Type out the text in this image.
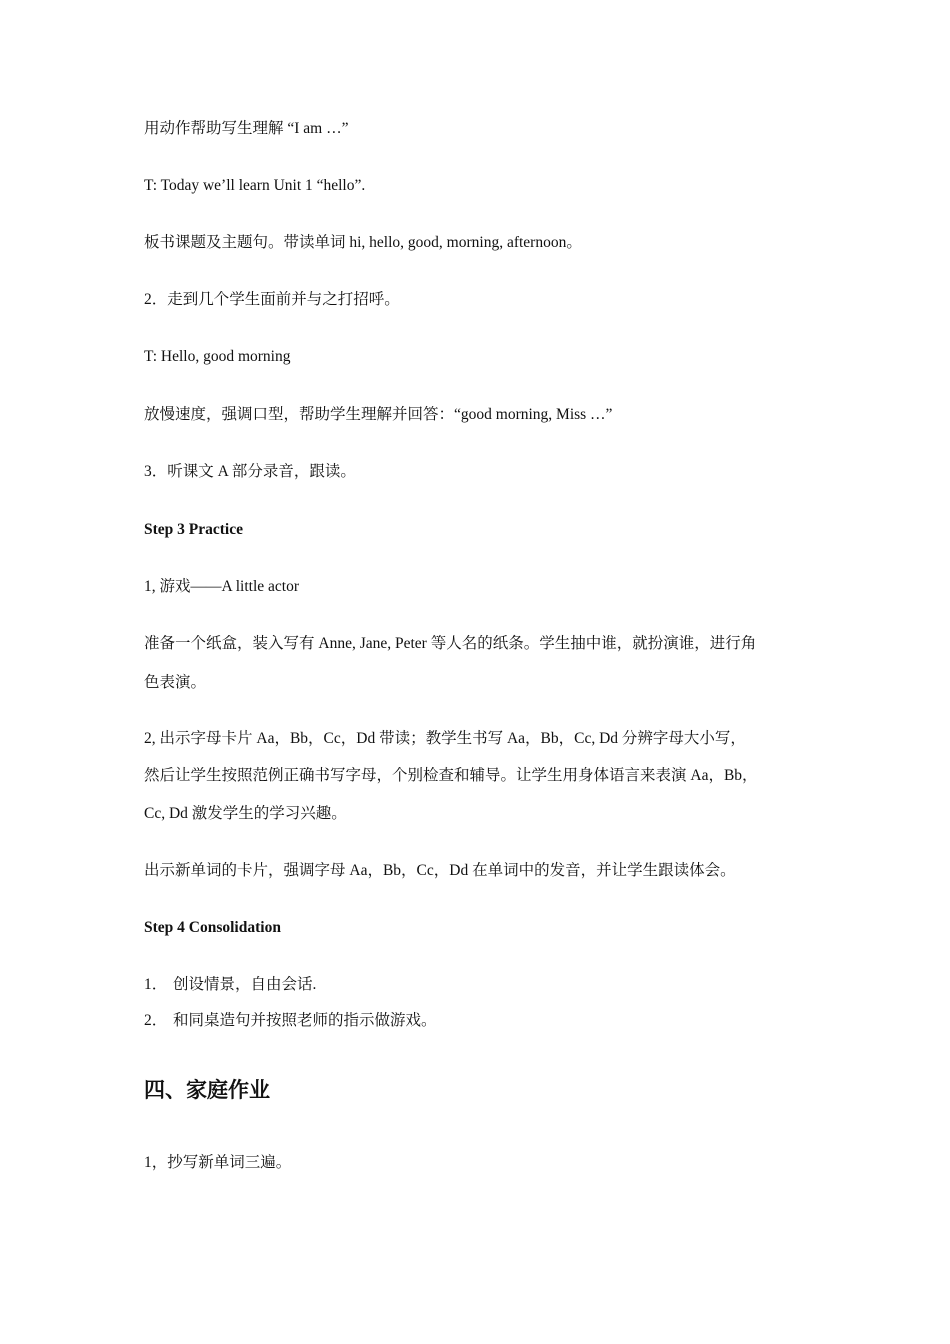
用动作帮助写生理解 “I am …”
T: Today we’ll learn Unit 1 “hello”.
板书课题及主题句。带读单词 hi, hello, good, morning, afternoon。
2．走到几个学生面前并与之打招呼。
T: Hello, good morning
放慢速度，强调口型，帮助学生理解并回答：“good morning, Miss …”
3．听课文 A 部分录音，跟读。
Step 3 Practice
1, 游戏——A little actor
准备一个纸盒，装入写有 Anne, Jane, Peter 等人名的纸条。学生抽中谁，就扮演谁，进行角
色表演。
2, 出示字母卡片 Aa，Bb，Cc，Dd 带读；教学生书写 Aa，Bb，Cc, Dd 分辨字母大小写，
然后让学生按照范例正确书写字母，个别检查和辅导。让学生用身体语言来表演 Aa，Bb，
Cc, Dd 激发学生的学习兴趣。
出示新单词的卡片，强调字母 Aa，Bb，Cc，Dd 在单词中的发音，并让学生跟读体会。
Step 4 Consolidation
1． 创设情景，自由会话.
2． 和同桌造句并按照老师的指示做游戏。
四、家庭作业
1，抄写新单词三遍。
